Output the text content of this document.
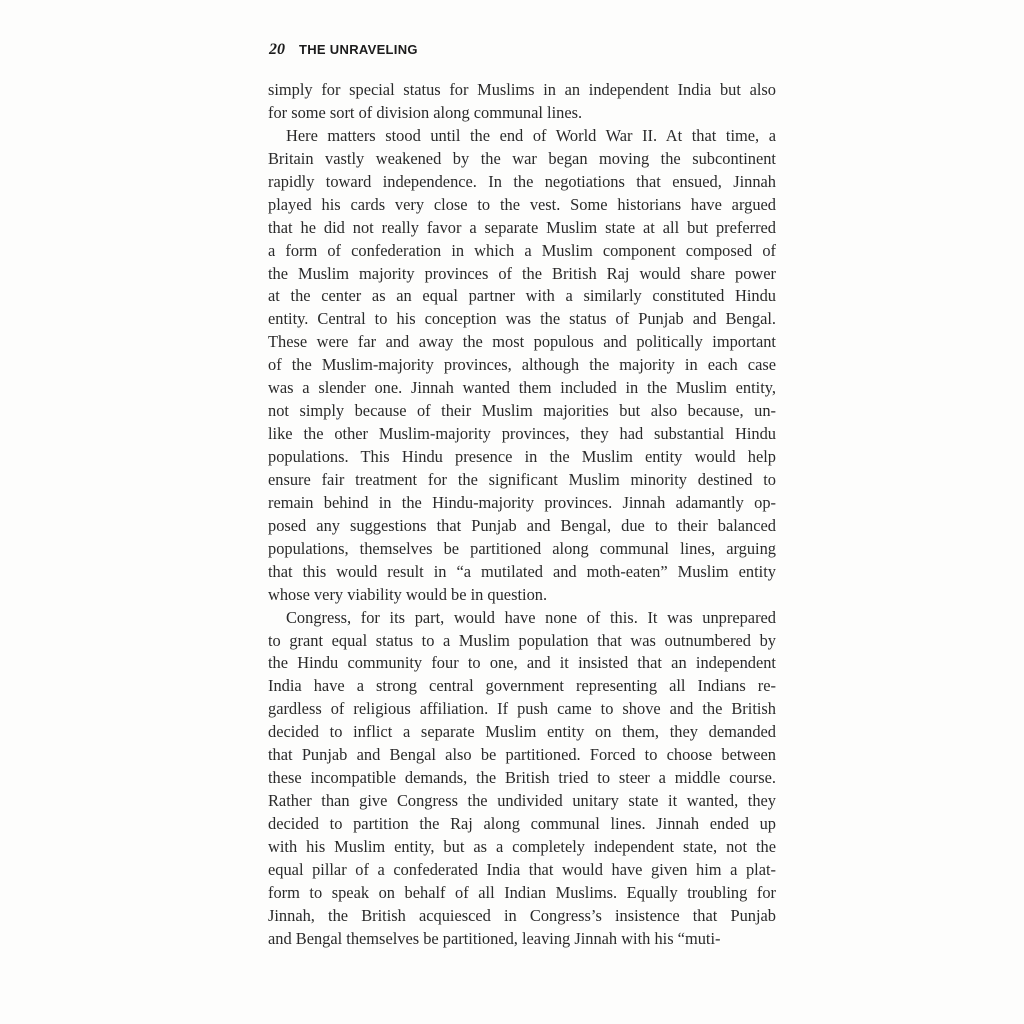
20 THE UNRAVELING
simply for special status for Muslims in an independent India but also
for some sort of division along communal lines.
Here matters stood until the end of World War II. At that time, a
Britain vastly weakened by the war began moving the subcontinent
rapidly toward independence. In the negotiations that ensued, Jinnah
played his cards very close to the vest. Some historians have argued
that he did not really favor a separate Muslim state at all but preferred
a form of confederation in which a Muslim component composed of
the Muslim majority provinces of the British Raj would share power
at the center as an equal partner with a similarly constituted Hindu
entity. Central to his conception was the status of Punjab and Bengal.
These were far and away the most populous and politically important
of the Muslim-majority provinces, although the majority in each case
was a slender one. Jinnah wanted them included in the Muslim entity,
not simply because of their Muslim majorities but also because, un-
like the other Muslim-majority provinces, they had substantial Hindu
populations. This Hindu presence in the Muslim entity would help
ensure fair treatment for the significant Muslim minority destined to
remain behind in the Hindu-majority provinces. Jinnah adamantly op-
posed any suggestions that Punjab and Bengal, due to their balanced
populations, themselves be partitioned along communal lines, arguing
that this would result in “a mutilated and moth-eaten” Muslim entity
whose very viability would be in question.
Congress, for its part, would have none of this. It was unprepared
to grant equal status to a Muslim population that was outnumbered by
the Hindu community four to one, and it insisted that an independent
India have a strong central government representing all Indians re-
gardless of religious affiliation. If push came to shove and the British
decided to inflict a separate Muslim entity on them, they demanded
that Punjab and Bengal also be partitioned. Forced to choose between
these incompatible demands, the British tried to steer a middle course.
Rather than give Congress the undivided unitary state it wanted, they
decided to partition the Raj along communal lines. Jinnah ended up
with his Muslim entity, but as a completely independent state, not the
equal pillar of a confederated India that would have given him a plat-
form to speak on behalf of all Indian Muslims. Equally troubling for
Jinnah, the British acquiesced in Congress’s insistence that Punjab
and Bengal themselves be partitioned, leaving Jinnah with his “muti-
